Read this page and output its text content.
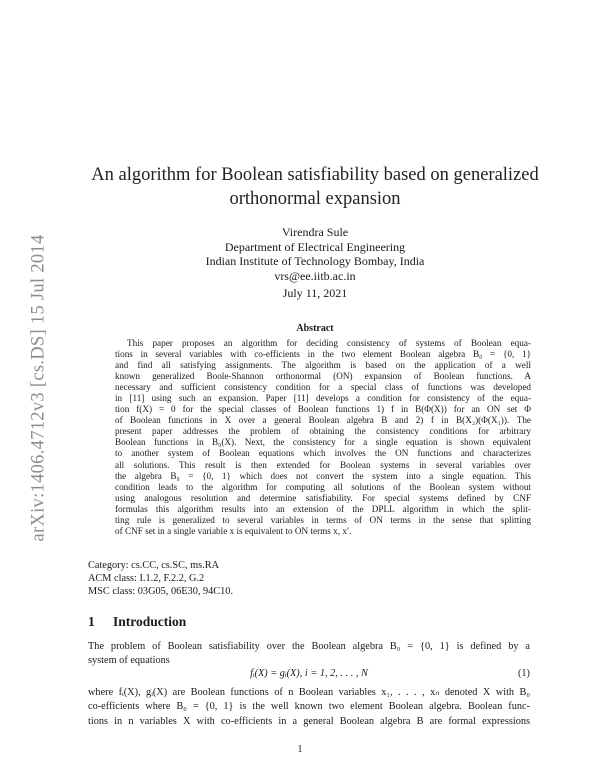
arXiv:1406.4712v3 [cs.DS] 15 Jul 2014
An algorithm for Boolean satisfiability based on generalized
orthonormal expansion
Virendra Sule
Department of Electrical Engineering
Indian Institute of Technology Bombay, India
vrs@ee.iitb.ac.in
July 11, 2021
Abstract
This paper proposes an algorithm for deciding consistency of systems of Boolean equa-
tions in several variables with co-efficients in the two element Boolean algebra B₀ = {0, 1}
and find all satisfying assignments. The algorithm is based on the application of a well
known generalized Boole-Shannon orthonormal (ON) expansion of Boolean functions. A
necessary and sufficient consistency condition for a special class of functions was developed
in [11] using such an expansion. Paper [11] develops a condition for consistency of the equa-
tion f(X) = 0 for the special classes of Boolean functions 1) f in B(Φ(X)) for an ON set Φ
of Boolean functions in X over a general Boolean algebra B and 2) f in B(X₂)(Φ(X₁)). The
present paper addresses the problem of obtaining the consistency conditions for arbitrary
Boolean functions in B₀(X). Next, the consistency for a single equation is shown equivalent
to another system of Boolean equations which involves the ON functions and characterizes
all solutions. This result is then extended for Boolean systems in several variables over
the algebra B₀ = {0, 1} which does not convert the system into a single equation. This
condition leads to the algorithm for computing all solutions of the Boolean system without
using analogous resolution and determine satisfiability. For special systems defined by CNF
formulas this algorithm results into an extension of the DPLL algorithm in which the split-
ting rule is generalized to several variables in terms of ON terms in the sense that splitting
of CNF set in a single variable x is equivalent to ON terms x, x′.
Category: cs.CC, cs.SC, ms.RA
ACM class: I.1.2, F.2.2, G.2
MSC class: 03G05, 06E30, 94C10.
1 Introduction
The problem of Boolean satisfiability over the Boolean algebra B₀ = {0, 1} is defined by a
system of equations
fᵢ(X) = gᵢ(X), i = 1, 2, . . . , N	(1)
where fᵢ(X), gᵢ(X) are Boolean functions of n Boolean variables x₁, . . . , xₙ denoted X with B₀
co-efficients where B₀ = {0, 1} is the well known two element Boolean algebra. Boolean func-
tions in n variables X with co-efficients in a general Boolean algebra B are formal expressions
1
